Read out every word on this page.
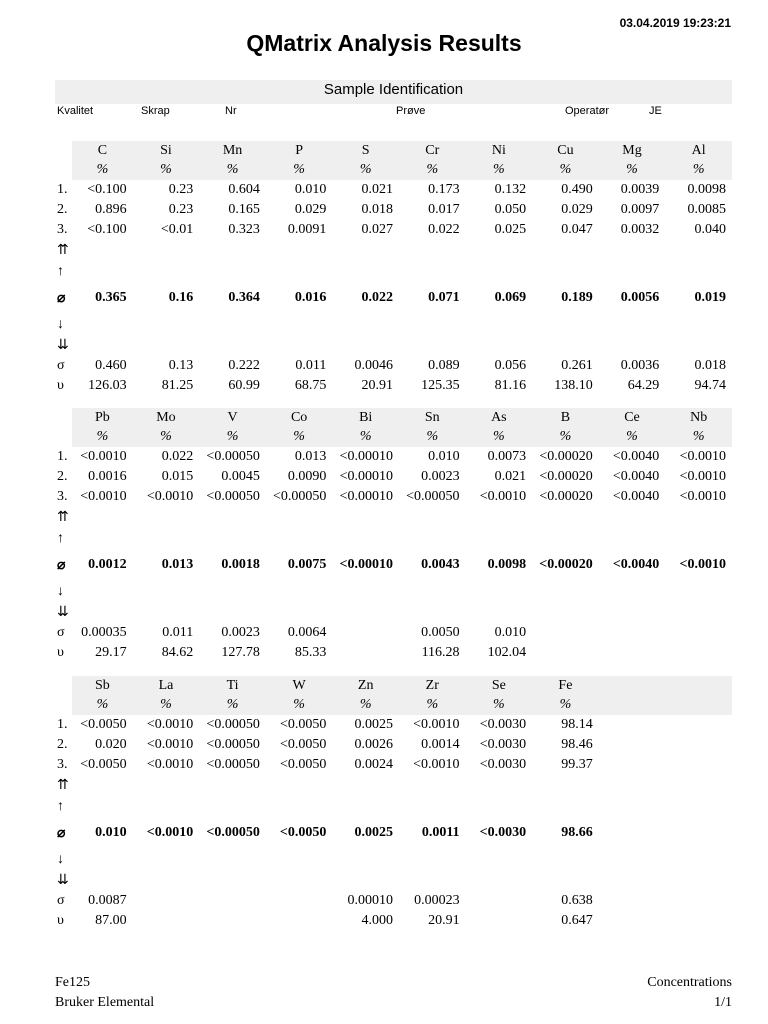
03.04.2019 19:23:21
QMatrix Analysis Results
Sample Identification
Kvalitet	Skrap	Nr	Prøve	Operatør	JE
	C	Si	Mn	P	S	Cr	Ni	Cu	Mg	Al
	%	%	%	%	%	%	%	%	%	%
1.	<0.100	0.23	0.604	0.010	0.021	0.173	0.132	0.490	0.0039	0.0098
2.	0.896	0.23	0.165	0.029	0.018	0.017	0.050	0.029	0.0097	0.0085
3.	<0.100	<0.01	0.323	0.0091	0.027	0.022	0.025	0.047	0.0032	0.040
⇈										
↑										
⌀	0.365	0.16	0.364	0.016	0.022	0.071	0.069	0.189	0.0056	0.019
↓										
⇊										
σ	0.460	0.13	0.222	0.011	0.0046	0.089	0.056	0.261	0.0036	0.018
υ	126.03	81.25	60.99	68.75	20.91	125.35	81.16	138.10	64.29	94.74
	Pb	Mo	V	Co	Bi	Sn	As	B	Ce	Nb
	%	%	%	%	%	%	%	%	%	%
1.	<0.0010	0.022	<0.00050	0.013	<0.00010	0.010	0.0073	<0.00020	<0.0040	<0.0010
2.	0.0016	0.015	0.0045	0.0090	<0.00010	0.0023	0.021	<0.00020	<0.0040	<0.0010
3.	<0.0010	<0.0010	<0.00050	<0.00050	<0.00010	<0.00050	<0.0010	<0.00020	<0.0040	<0.0010
⇈										
↑										
⌀	0.0012	0.013	0.0018	0.0075	<0.00010	0.0043	0.0098	<0.00020	<0.0040	<0.0010
↓										
⇊										
σ	0.00035	0.011	0.0023	0.0064		0.0050	0.010			
υ	29.17	84.62	127.78	85.33		116.28	102.04			
	Sb	La	Ti	W	Zn	Zr	Se	Fe		
	%	%	%	%	%	%	%	%		
1.	<0.0050	<0.0010	<0.00050	<0.0050	0.0025	<0.0010	<0.0030	98.14		
2.	0.020	<0.0010	<0.00050	<0.0050	0.0026	0.0014	<0.0030	98.46		
3.	<0.0050	<0.0010	<0.00050	<0.0050	0.0024	<0.0010	<0.0030	99.37		
⇈										
↑										
⌀	0.010	<0.0010	<0.00050	<0.0050	0.0025	0.0011	<0.0030	98.66		
↓										
⇊										
σ	0.0087				0.00010	0.00023		0.638		
υ	87.00				4.000	20.91		0.647		
Fe125
Bruker Elemental
Concentrations
1/1
